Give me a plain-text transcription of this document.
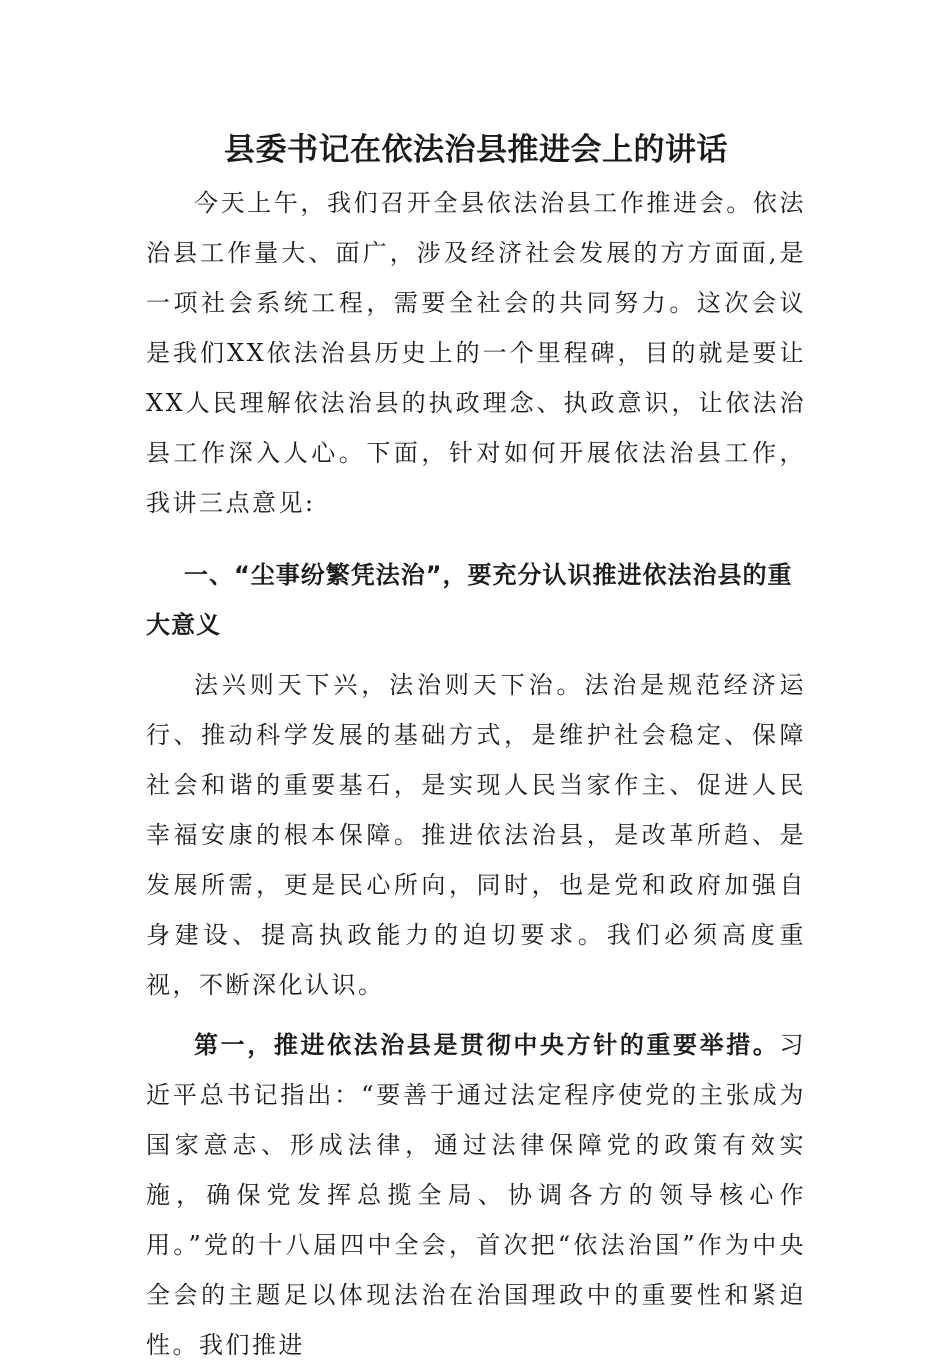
县委书记在依法治县推进会上的讲话

今天上午，我们召开全县依法治县工作推进会。依法治县工作量大、面广，涉及经济社会发展的方方面面,是一项社会系统工程，需要全社会的共同努力。这次会议是我们XX依法治县历史上的一个里程碑，目的就是要让XX人民理解依法治县的执政理念、执政意识，让依法治县工作深入人心。下面，针对如何开展依法治县工作，我讲三点意见:

一、“尘事纷繁凭法治”，要充分认识推进依法治县的重大意义

法兴则天下兴，法治则天下治。法治是规范经济运行、推动科学发展的基础方式，是维护社会稳定、保障社会和谐的重要基石，是实现人民当家作主、促进人民幸福安康的根本保障。推进依法治县，是改革所趋、是发展所需，更是民心所向，同时，也是党和政府加强自身建设、提高执政能力的迫切要求。我们必须高度重视，不断深化认识。

第一，推进依法治县是贯彻中央方针的重要举措。习近平总书记指出：“要善于通过法定程序使党的主张成为国家意志、形成法律，通过法律保障党的政策有效实施，确保党发挥总揽全局、协调各方的领导核心作用。”党的十八届四中全会，首次把“依法治国”作为中央全会的主题足以体现法治在治国理政中的重要性和紧迫性。我们推进
